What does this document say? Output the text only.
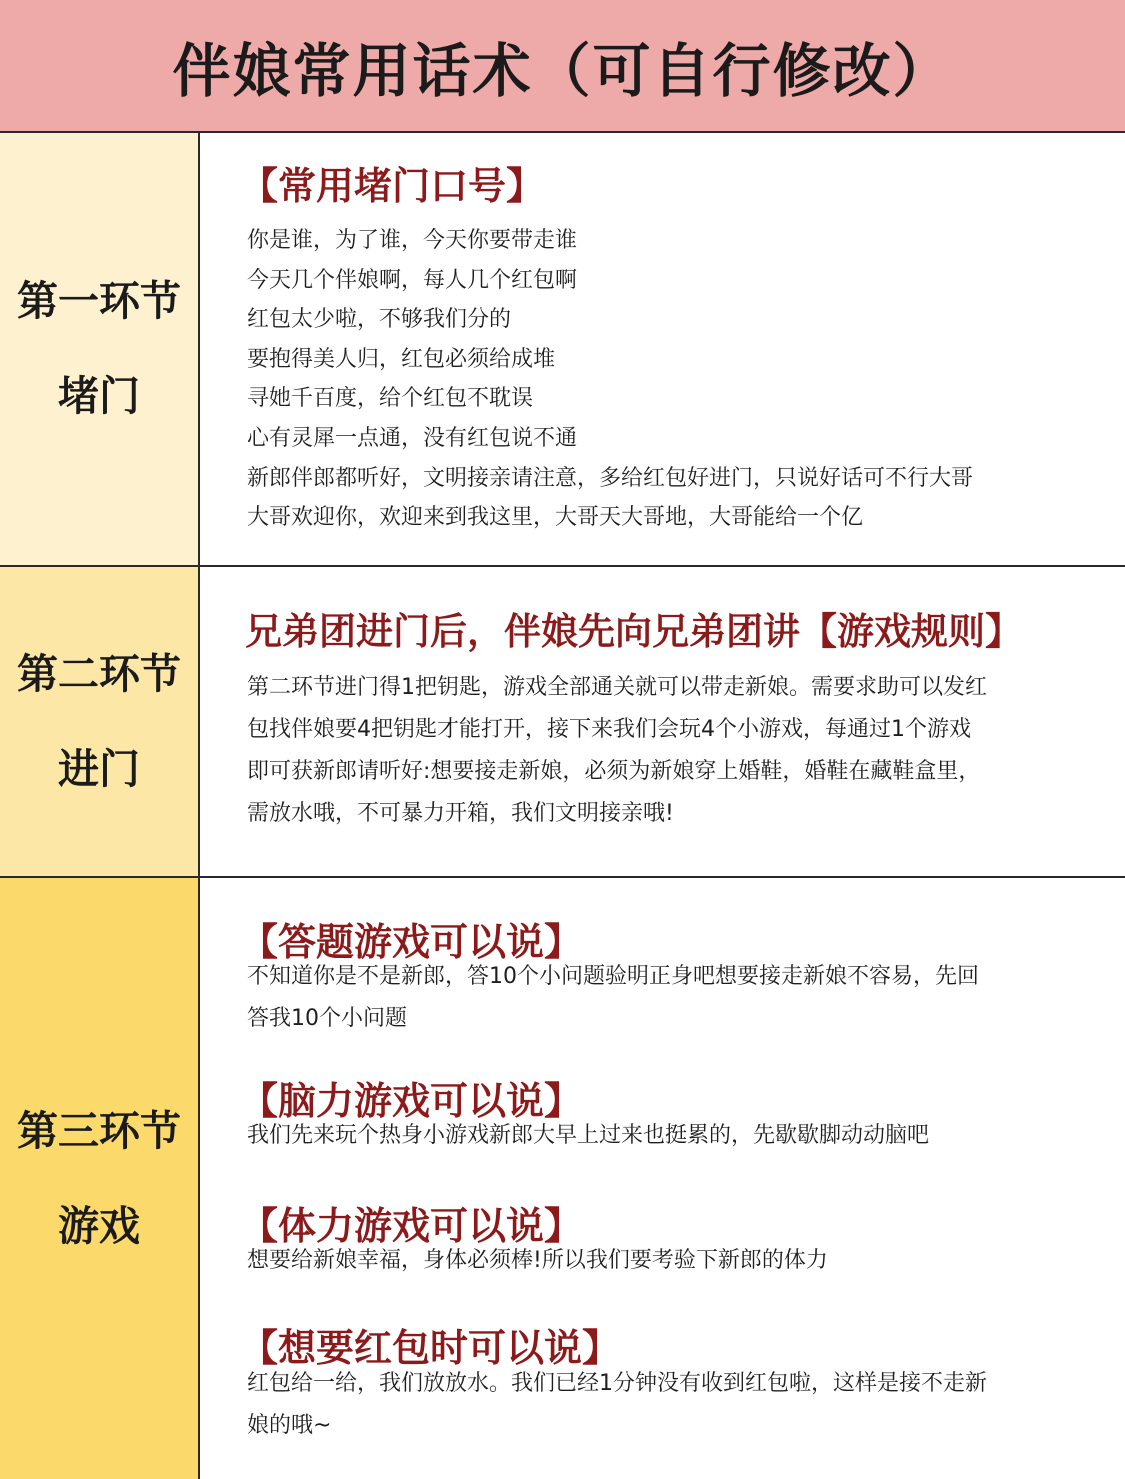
伴娘常用话术（可自行修改）
第一环节
堵门
【常用堵门口号】
你是谁，为了谁，今天你要带走谁
今天几个伴娘啊，每人几个红包啊
红包太少啦，不够我们分的
要抱得美人归，红包必须给成堆
寻她千百度，给个红包不耽误
心有灵犀一点通，没有红包说不通
新郎伴郎都听好，文明接亲请注意，多给红包好进门，只说好话可不行大哥
大哥欢迎你，欢迎来到我这里，大哥天大哥地，大哥能给一个亿
第二环节
进门
兄弟团进门后，伴娘先向兄弟团讲【游戏规则】
第二环节进门得1把钥匙，游戏全部通关就可以带走新娘。需要求助可以发红
包找伴娘要4把钥匙才能打开，接下来我们会玩4个小游戏，每通过1个游戏
即可获新郎请听好:想要接走新娘，必须为新娘穿上婚鞋，婚鞋在藏鞋盒里，
需放水哦，不可暴力开箱，我们文明接亲哦!
第三环节
游戏
【答题游戏可以说】
不知道你是不是新郎，答10个小问题验明正身吧想要接走新娘不容易，先回
答我10个小问题
【脑力游戏可以说】
我们先来玩个热身小游戏新郎大早上过来也挺累的，先歇歇脚动动脑吧
【体力游戏可以说】
想要给新娘幸福，身体必须棒!所以我们要考验下新郎的体力
【想要红包时可以说】
红包给一给，我们放放水。我们已经1分钟没有收到红包啦，这样是接不走新
娘的哦~
